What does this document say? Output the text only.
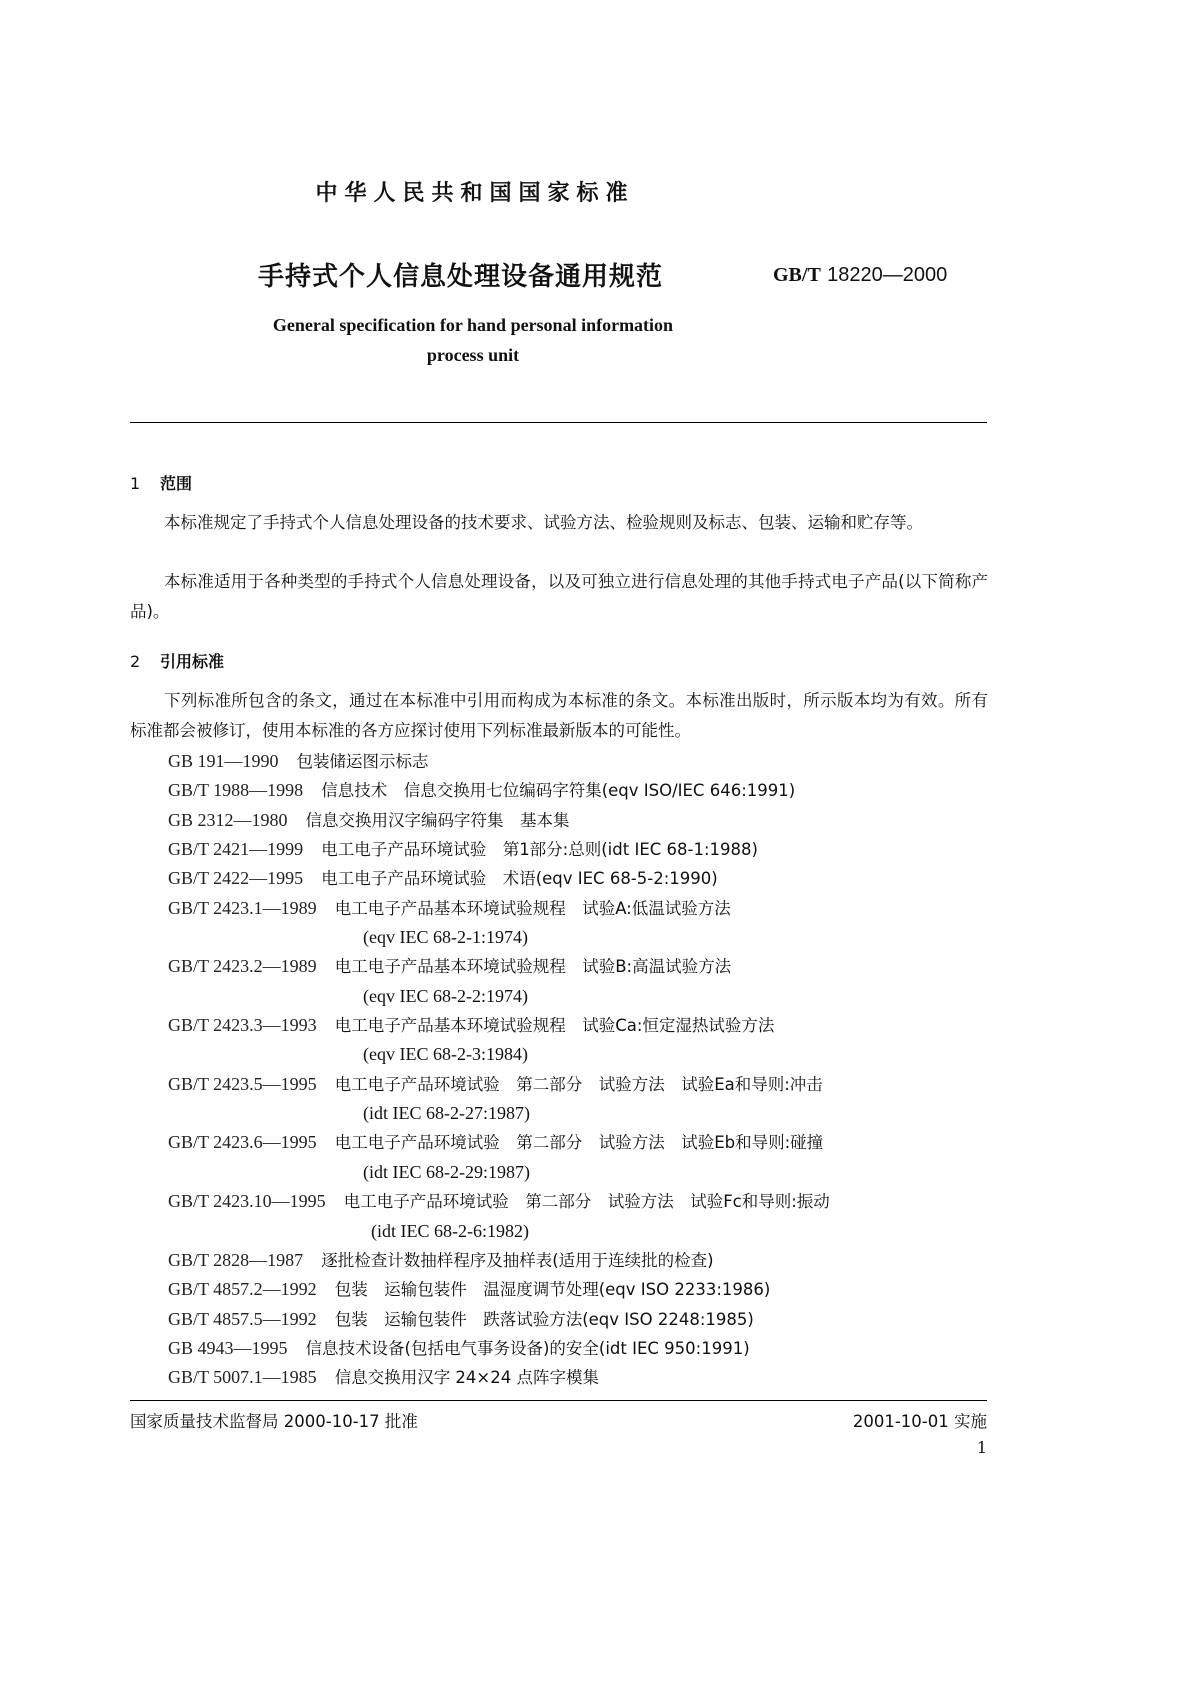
中华人民共和国国家标准
手持式个人信息处理设备通用规范	GB/T 18220—2000
General specification for hand personal information
process unit
1 范围
本标准规定了手持式个人信息处理设备的技术要求、试验方法、检验规则及标志、包装、运输和贮存等。
本标准适用于各种类型的手持式个人信息处理设备，以及可独立进行信息处理的其他手持式电子产品(以下简称产品)。
2 引用标准
下列标准所包含的条文，通过在本标准中引用而构成为本标准的条文。本标准出版时，所示版本均为有效。所有标准都会被修订，使用本标准的各方应探讨使用下列标准最新版本的可能性。
GB 191—1990 包装储运图示标志
GB/T 1988—1998 信息技术　信息交换用七位编码字符集(eqv ISO/IEC 646:1991)
GB 2312—1980 信息交换用汉字编码字符集　基本集
GB/T 2421—1999 电工电子产品环境试验　第1部分:总则(idt IEC 68-1:1988)
GB/T 2422—1995 电工电子产品环境试验　术语(eqv IEC 68-5-2:1990)
GB/T 2423.1—1989 电工电子产品基本环境试验规程　试验A:低温试验方法
(eqv IEC 68-2-1:1974)
GB/T 2423.2—1989 电工电子产品基本环境试验规程　试验B:高温试验方法
(eqv IEC 68-2-2:1974)
GB/T 2423.3—1993 电工电子产品基本环境试验规程　试验Ca:恒定湿热试验方法
(eqv IEC 68-2-3:1984)
GB/T 2423.5—1995 电工电子产品环境试验　第二部分　试验方法　试验Ea和导则:冲击
(idt IEC 68-2-27:1987)
GB/T 2423.6—1995 电工电子产品环境试验　第二部分　试验方法　试验Eb和导则:碰撞
(idt IEC 68-2-29:1987)
GB/T 2423.10—1995 电工电子产品环境试验　第二部分　试验方法　试验Fc和导则:振动
(idt IEC 68-2-6:1982)
GB/T 2828—1987 逐批检查计数抽样程序及抽样表(适用于连续批的检查)
GB/T 4857.2—1992 包装　运输包装件　温湿度调节处理(eqv ISO 2233:1986)
GB/T 4857.5—1992 包装　运输包装件　跌落试验方法(eqv ISO 2248:1985)
GB 4943—1995 信息技术设备(包括电气事务设备)的安全(idt IEC 950:1991)
GB/T 5007.1—1985 信息交换用汉字 24×24 点阵字模集
国家质量技术监督局 2000-10-17 批准	2001-10-01 实施
1
